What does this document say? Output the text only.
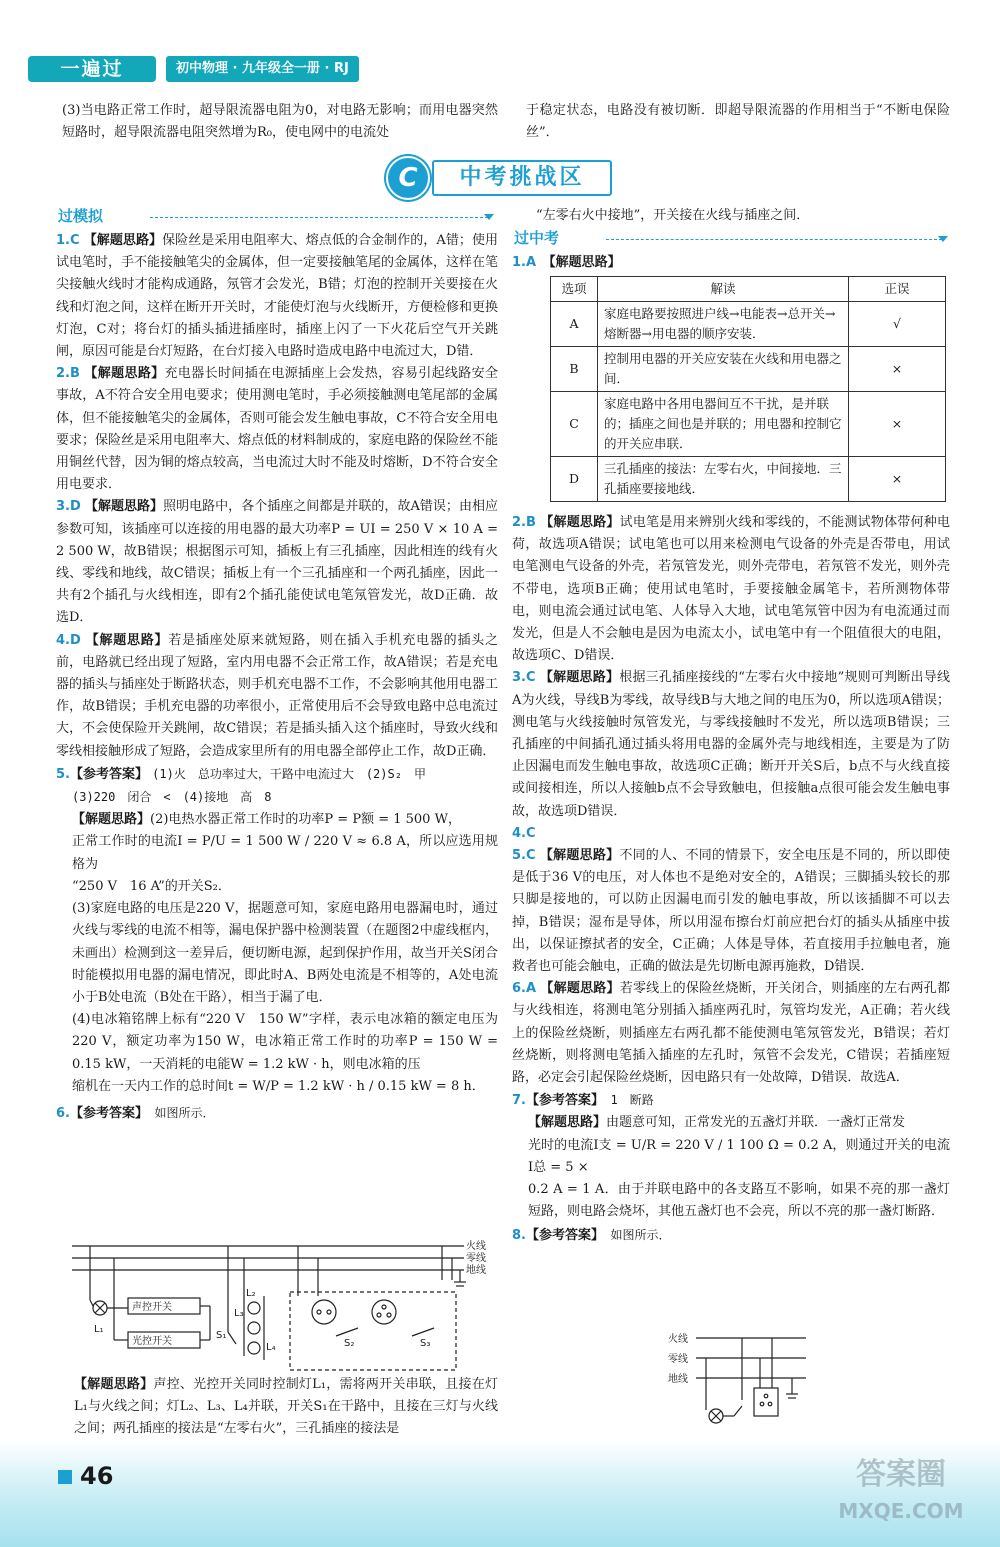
一遍过	初中物理 · 九年级全一册 · RJ
(3)当电路正常工作时，超导限流器电阻为0，对电路无影响；而用电器突然短路时，超导限流器电阻突然增为R₀，使电网中的电流处
于稳定状态，电路没有被切断．即超导限流器的作用相当于“不断电保险丝”．
C	中考挑战区
过模拟
过中考
1.C 【解题思路】保险丝是采用电阻率大、熔点低的合金制作的，A错；使用试电笔时，手不能接触笔尖的金属体，但一定要接触笔尾的金属体，这样在笔尖接触火线时才能构成通路，氖管才会发光，B错；灯泡的控制开关要接在火线和灯泡之间，这样在断开开关时，才能使灯泡与火线断开，方便检修和更换灯泡，C对；将台灯的插头插进插座时，插座上闪了一下火花后空气开关跳闸，原因可能是台灯短路，在台灯接入电路时造成电路中电流过大，D错．
2.B 【解题思路】充电器长时间插在电源插座上会发热，容易引起线路安全事故，A不符合安全用电要求；使用测电笔时，手必须接触测电笔尾部的金属体，但不能接触笔尖的金属体，否则可能会发生触电事故，C不符合安全用电要求；保险丝是采用电阻率大、熔点低的材料制成的，家庭电路的保险丝不能用铜丝代替，因为铜的熔点较高，当电流过大时不能及时熔断，D不符合安全用电要求．
3.D 【解题思路】照明电路中，各个插座之间都是并联的，故A错误；由相应参数可知，该插座可以连接的用电器的最大功率P = UI = 250 V × 10 A = 2 500 W，故B错误；根据图示可知，插板上有三孔插座，因此相连的线有火线、零线和地线，故C错误；插板上有一个三孔插座和一个两孔插座，因此一共有2个插孔与火线相连，即有2个插孔能使试电笔氖管发光，故D正确．故选D．
4.D 【解题思路】若是插座处原来就短路，则在插入手机充电器的插头之前，电路就已经出现了短路，室内用电器不会正常工作，故A错误；若是充电器的插头与插座处于断路状态，则手机充电器不工作，不会影响其他用电器工作，故B错误；手机充电器的功率很小，正常使用后不会导致电路中总电流过大，不会使保险开关跳闸，故C错误；若是插头插入这个插座时，导致火线和零线相接触形成了短路，会造成家里所有的用电器全部停止工作，故D正确．
5.【参考答案】 (1)火　总功率过大，干路中电流过大　(2)S₂　甲
(3)220　闭合　<　(4)接地　高　8
【解题思路】(2)电热水器正常工作时的功率P = P额 = 1 500 W，
正常工作时的电流I = P/U = 1 500 W / 220 V ≈ 6.8 A，所以应选用规格为
“250 V　16 A”的开关S₂．
(3)家庭电路的电压是220 V，据题意可知，家庭电路用电器漏电时，通过火线与零线的电流不相等，漏电保护器中检测装置（在题图2中虚线框内，未画出）检测到这一差异后，便切断电源，起到保护作用，故当开关S闭合时能模拟用电器的漏电情况，即此时A、B两处电流是不相等的，A处电流小于B处电流（B处在干路），相当于漏了电．
(4)电冰箱铭牌上标有“220 V　150 W”字样，表示电冰箱的额定电压为220 V，额定功率为150 W，电冰箱正常工作时的功率P = 150 W = 0.15 kW，一天消耗的电能W = 1.2 kW · h，则电冰箱的压
缩机在一天内工作的总时间t = W/P = 1.2 kW · h / 0.15 kW = 8 h．
6.【参考答案】　 如图所示．
火线
零线
地线
声控开关
光控开关
L₁
L₂
L₃
L₄
S₁
S₂	S₃
【解题思路】声控、光控开关同时控制灯L₁，需将两开关串联，且接在灯L₁与火线之间；灯L₂、L₃、L₄并联，开关S₁在干路中，且接在三灯与火线之间；两孔插座的接法是“左零右火”，三孔插座的接法是
“左零右火中接地”，开关接在火线与插座之间．
1.A　 【解题思路】
选项	解读	正误
A	家庭电路要按照进户线→电能表→总开关→熔断器→用电器的顺序安装．	√
B	控制用电器的开关应安装在火线和用电器之间．	×
C	家庭电路中各用电器间互不干扰，是并联的；插座之间也是并联的；用电器和控制它的开关应串联．	×
D	三孔插座的接法：左零右火，中间接地．三孔插座要接地线．	×
2.B 【解题思路】试电笔是用来辨别火线和零线的，不能测试物体带何种电荷，故选项A错误；试电笔也可以用来检测电气设备的外壳是否带电，用试电笔测电气设备的外壳，若氖管发光，则外壳带电，若氖管不发光，则外壳不带电，选项B正确；使用试电笔时，手要接触金属笔卡，若所测物体带电，则电流会通过试电笔、人体导入大地，试电笔氖管中因为有电流通过而发光，但是人不会触电是因为电流太小，试电笔中有一个阻值很大的电阻，故选项C、D错误．
3.C 【解题思路】根据三孔插座接线的“左零右火中接地”规则可判断出导线A为火线，导线B为零线，故导线B与大地之间的电压为0，所以选项A错误；测电笔与火线接触时氖管发光，与零线接触时不发光，所以选项B错误；三孔插座的中间插孔通过插头将用电器的金属外壳与地线相连，主要是为了防止因漏电而发生触电事故，故选项C正确；断开开关S后，b点不与火线直接或间接相连，所以人接触b点不会导致触电，但接触a点很可能会发生触电事故，故选项D错误．
4.C
5.C 【解题思路】不同的人、不同的情景下，安全电压是不同的，所以即使是低于36 V的电压，对人体也不是绝对安全的，A错误；三脚插头较长的那只脚是接地的，可以防止因漏电而引发的触电事故，所以该插脚不可以去掉，B错误；湿布是导体，所以用湿布擦台灯前应把台灯的插头从插座中拔出，以保证擦拭者的安全，C正确；人体是导体，若直接用手拉触电者，施救者也可能会触电，正确的做法是先切断电源再施救，D错误．
6.A 【解题思路】若零线上的保险丝烧断，开关闭合，则插座的左右两孔都与火线相连，将测电笔分别插入插座两孔时，氖管均发光，A正确；若火线上的保险丝烧断，则插座左右两孔都不能使测电笔氖管发光，B错误；若灯丝烧断，则将测电笔插入插座的左孔时，氖管不会发光，C错误；若插座短路，必定会引起保险丝烧断，因电路只有一处故障，D错误．故选A．
7.【参考答案】　 1　断路
【解题思路】由题意可知，正常发光的五盏灯并联．一盏灯正常发
光时的电流I支 = U/R = 220 V / 1 100 Ω = 0.2 A，则通过开关的电流I总 = 5 ×
0.2 A = 1 A．由于并联电路中的各支路互不影响，如果不亮的那一盏灯短路，则电路会烧坏，其他五盏灯也不会亮，所以不亮的那一盏灯断路．
8.【参考答案】　 如图所示．
火线
零线
地线
46	答案圈
MXQE.COM
